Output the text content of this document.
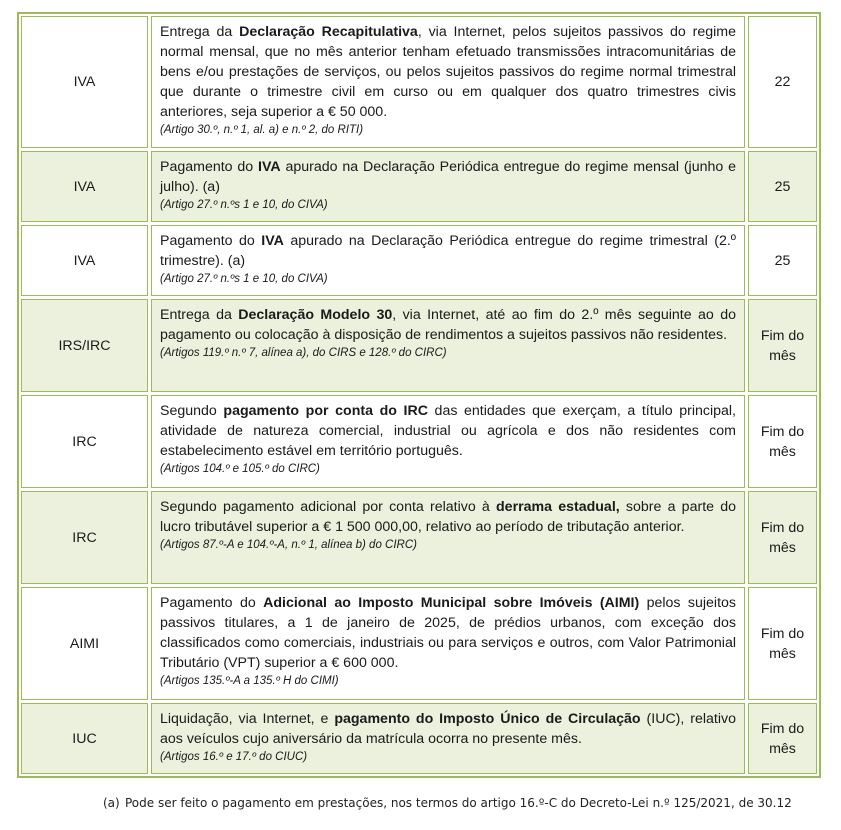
IVA
Entrega da Declaração Recapitulativa, via Internet, pelos sujeitos passivos do regime normal mensal, que no mês anterior tenham efetuado transmissões intracomunitárias de bens e/ou prestações de serviços, ou pelos sujeitos passivos do regime normal trimestral que durante o trimestre civil em curso ou em qualquer dos quatro trimestres civis anteriores, seja superior a € 50 000.
(Artigo 30.º, n.º 1, al. a) e n.º 2, do RITI)
22
IVA
Pagamento do IVA apurado na Declaração Periódica entregue do regime mensal (junho e julho). (a)
(Artigo 27.º n.ºs 1 e 10, do CIVA)
25
IVA
Pagamento do IVA apurado na Declaração Periódica entregue do regime trimestral (2.º trimestre). (a)
(Artigo 27.º n.ºs 1 e 10, do CIVA)
25
IRS/IRC
Entrega da Declaração Modelo 30, via Internet, até ao fim do 2.º mês seguinte ao do pagamento ou colocação à disposição de rendimentos a sujeitos passivos não residentes.
(Artigos 119.º n.º 7, alínea a), do CIRS e 128.º do CIRC)
Fim do mês
IRC
Segundo pagamento por conta do IRC das entidades que exerçam, a título principal, atividade de natureza comercial, industrial ou agrícola e dos não residentes com estabelecimento estável em território português.
(Artigos 104.º e 105.º do CIRC)
Fim do mês
IRC
Segundo pagamento adicional por conta relativo à derrama estadual, sobre a parte do lucro tributável superior a € 1 500 000,00, relativo ao período de tributação anterior.
(Artigos 87.º-A e 104.º-A, n.º 1, alínea b) do CIRC)
Fim do mês
AIMI
Pagamento do Adicional ao Imposto Municipal sobre Imóveis (AIMI) pelos sujeitos passivos titulares, a 1 de janeiro de 2025, de prédios urbanos, com exceção dos classificados como comerciais, industriais ou para serviços e outros, com Valor Patrimonial Tributário (VPT) superior a € 600 000.
(Artigos 135.º-A a 135.º H do CIMI)
Fim do mês
IUC
Liquidação, via Internet, e pagamento do Imposto Único de Circulação (IUC), relativo aos veículos cujo aniversário da matrícula ocorra no presente mês.
(Artigos 16.º e 17.º do CIUC)
Fim do mês
(a) Pode ser feito o pagamento em prestações, nos termos do artigo 16.º-C do Decreto-Lei n.º 125/2021, de 30.12
